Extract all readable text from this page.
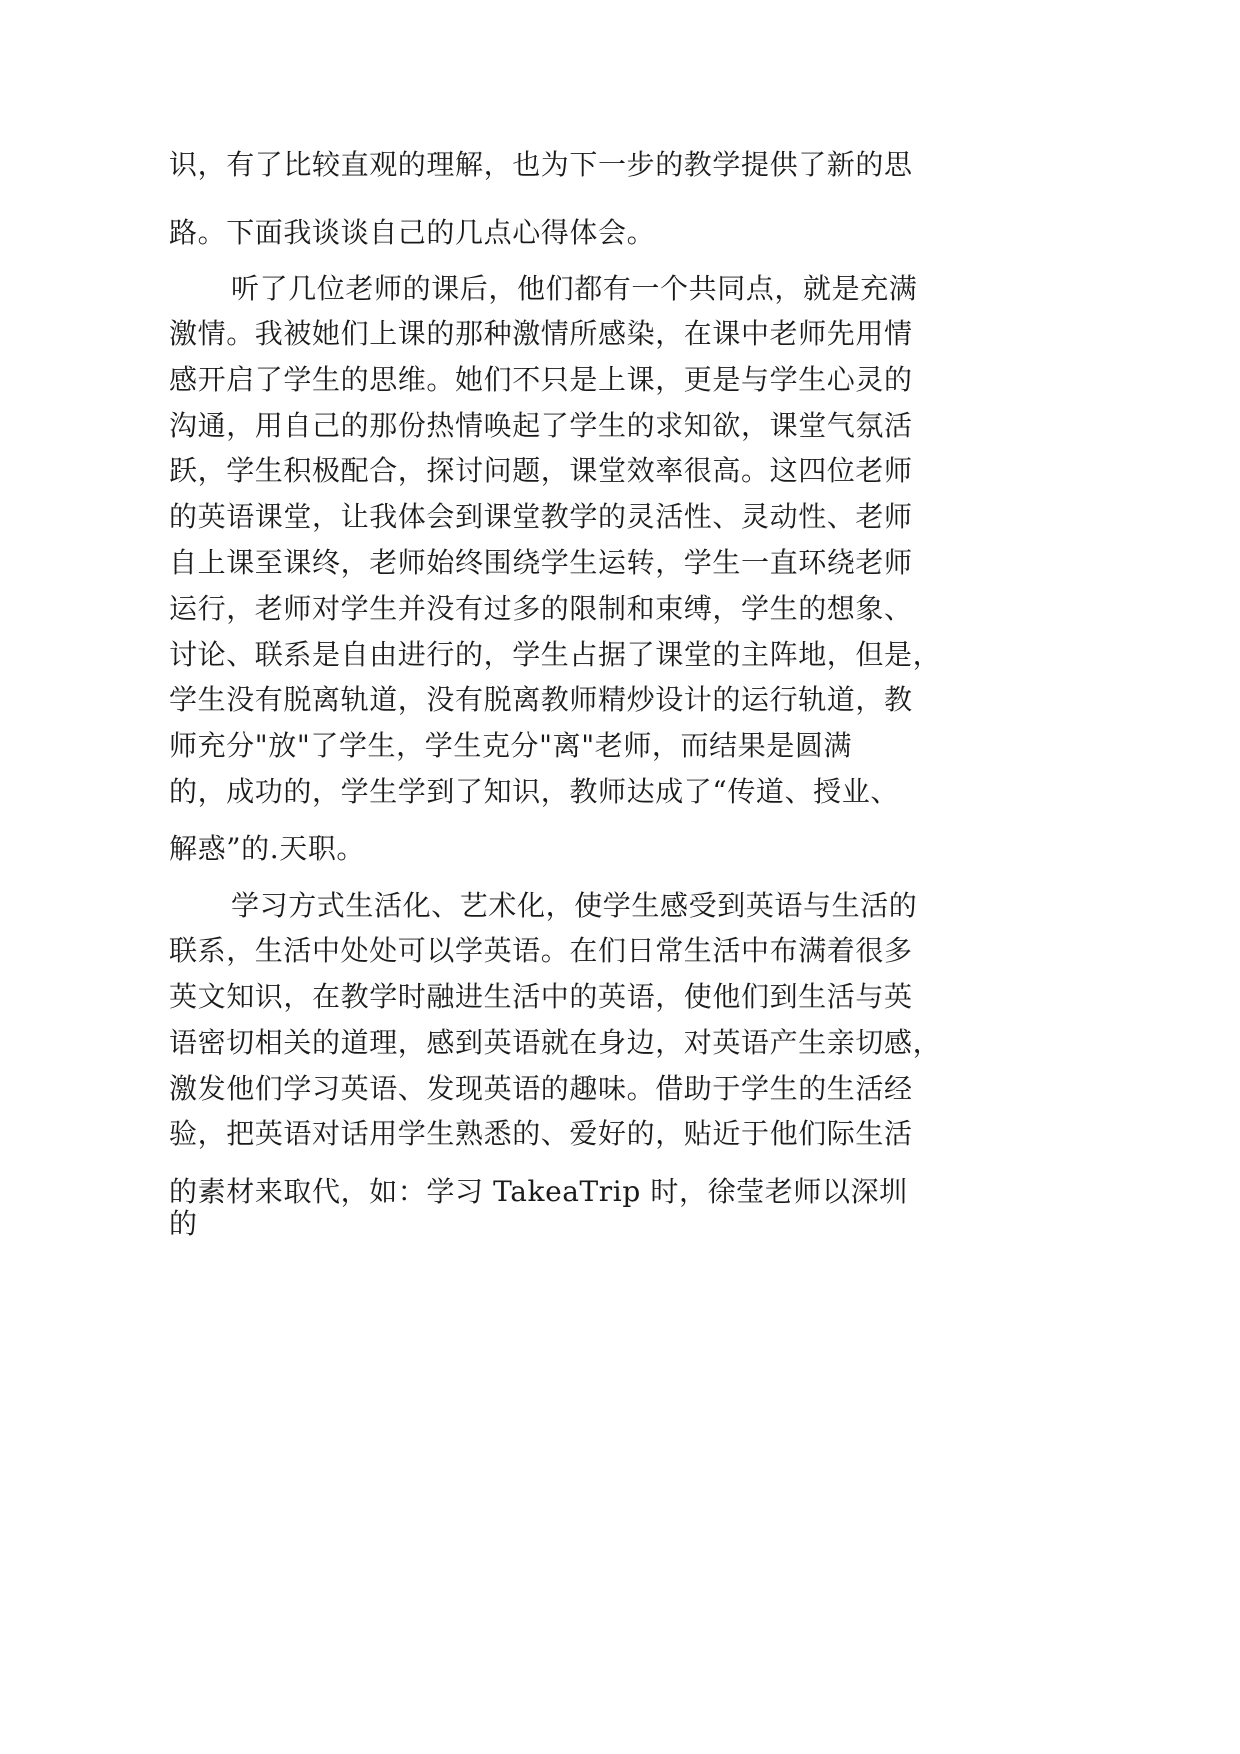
识，有了比较直观的理解，也为下一步的教学提供了新的思
路。下面我谈谈自己的几点心得体会。
听了几位老师的课后，他们都有一个共同点，就是充满
激情。我被她们上课的那种激情所感染，在课中老师先用情
感开启了学生的思维。她们不只是上课，更是与学生心灵的
沟通，用自己的那份热情唤起了学生的求知欲，课堂气氛活
跃，学生积极配合，探讨问题，课堂效率很高。这四位老师
的英语课堂，让我体会到课堂教学的灵活性、灵动性、老师
自上课至课终，老师始终围绕学生运转，学生一直环绕老师
运行，老师对学生并没有过多的限制和束缚，学生的想象、
讨论、联系是自由进行的，学生占据了课堂的主阵地，但是，
学生没有脱离轨道，没有脱离教师精炒设计的运行轨道，教
师充分"放"了学生，学生克分"离"老师，而结果是圆满
的，成功的，学生学到了知识，教师达成了“传道、授业、
解惑”的.天职。
学习方式生活化、艺术化，使学生感受到英语与生活的
联系，生活中处处可以学英语。在们日常生活中布满着很多
英文知识，在教学时融进生活中的英语，使他们到生活与英
语密切相关的道理，感到英语就在身边，对英语产生亲切感，
激发他们学习英语、发现英语的趣味。借助于学生的生活经
验，把英语对话用学生熟悉的、爱好的，贴近于他们际生活
的素材来取代，如：学习 TakeaTrip 时，徐莹老师以深圳
的
